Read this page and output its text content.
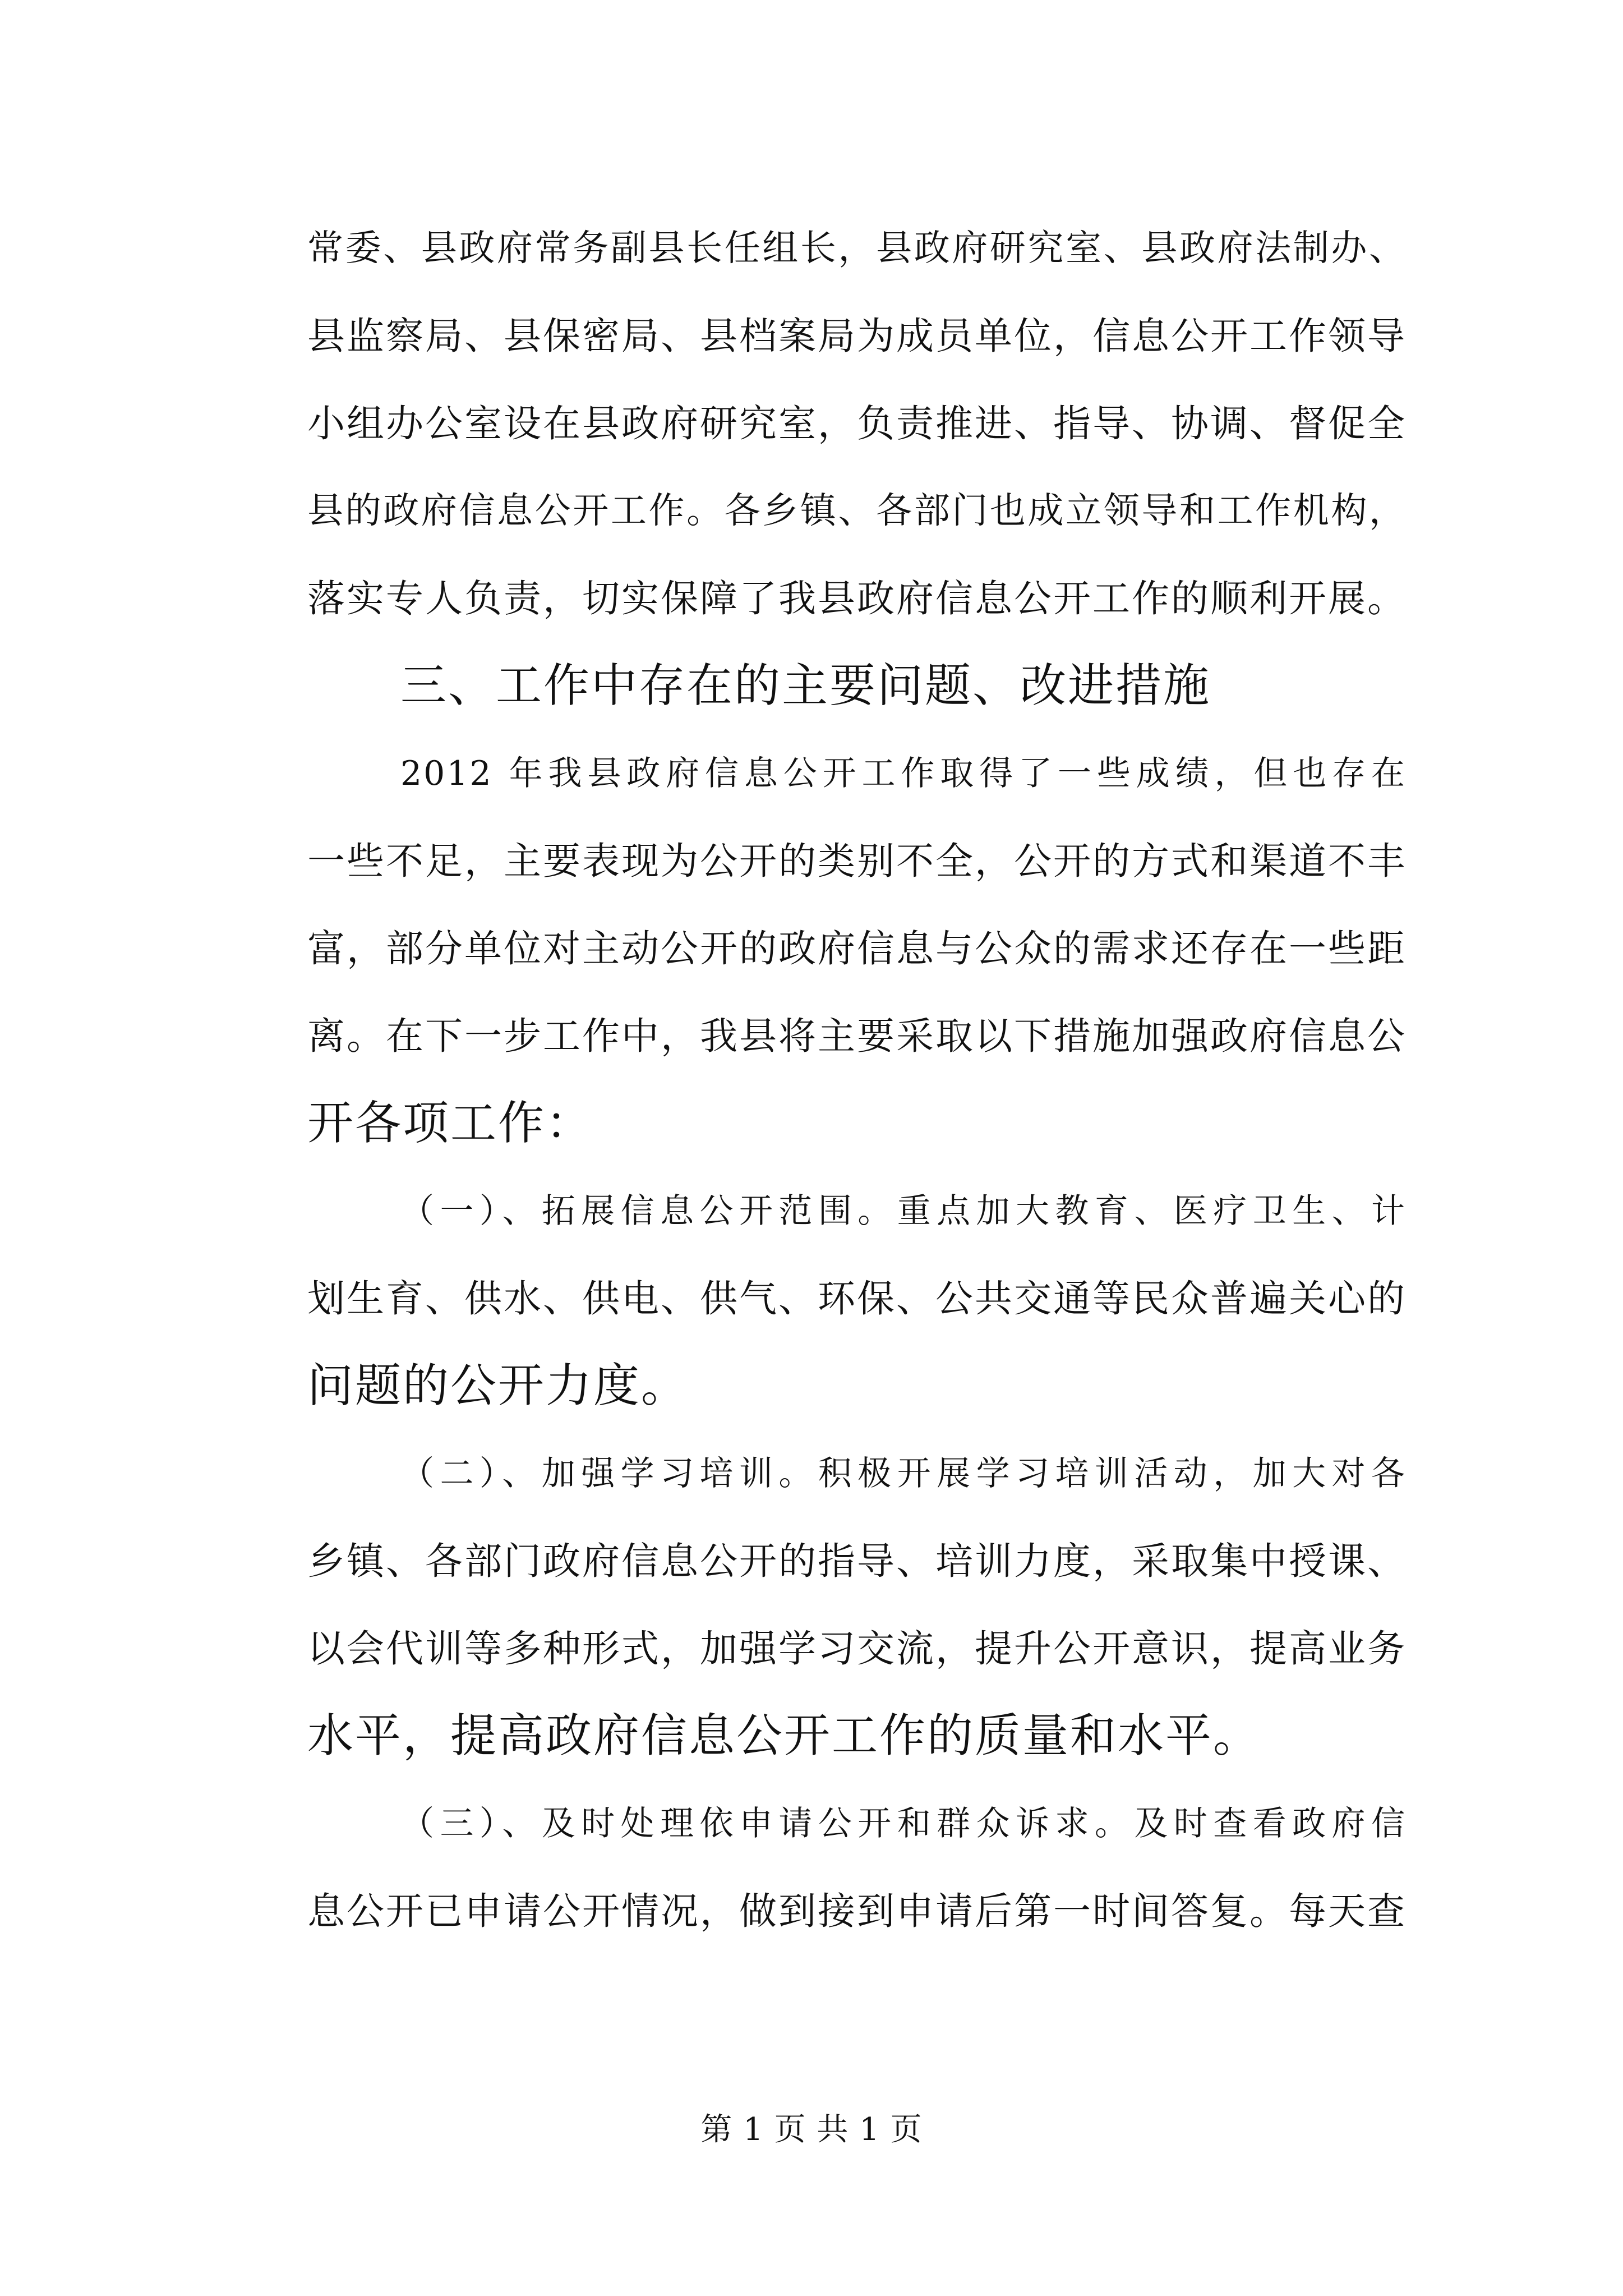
常委、县政府常务副县长任组长，县政府研究室、县政府法制办、
县监察局、县保密局、县档案局为成员单位，信息公开工作领导
小组办公室设在县政府研究室，负责推进、指导、协调、督促全
县的政府信息公开工作。各乡镇、各部门也成立领导和工作机构，
落实专人负责，切实保障了我县政府信息公开工作的顺利开展。
三、工作中存在的主要问题、改进措施
2012 年我县政府信息公开工作取得了一些成绩，但也存在
一些不足，主要表现为公开的类别不全，公开的方式和渠道不丰
富，部分单位对主动公开的政府信息与公众的需求还存在一些距
离。在下一步工作中，我县将主要采取以下措施加强政府信息公
开各项工作：
（一）、拓展信息公开范围。重点加大教育、医疗卫生、计
划生育、供水、供电、供气、环保、公共交通等民众普遍关心的
问题的公开力度。
（二）、加强学习培训。积极开展学习培训活动，加大对各
乡镇、各部门政府信息公开的指导、培训力度，采取集中授课、
以会代训等多种形式，加强学习交流，提升公开意识，提高业务
水平，提高政府信息公开工作的质量和水平。
（三）、及时处理依申请公开和群众诉求。及时查看政府信
息公开已申请公开情况，做到接到申请后第一时间答复。每天查
第 1 页 共 1 页
